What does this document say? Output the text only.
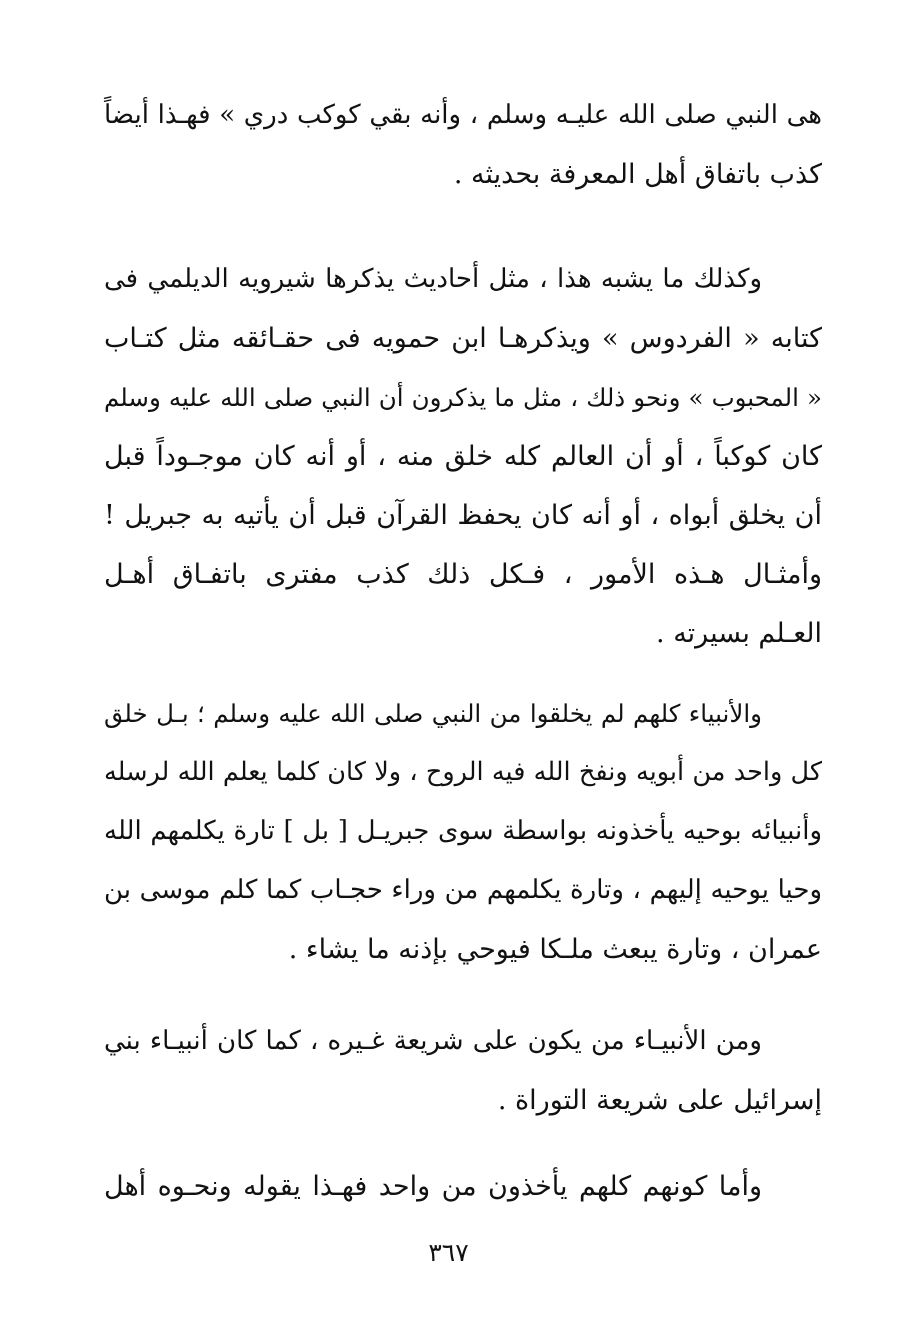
هى النبي صلى الله عليـه وسلم ، وأنه بقي كوكب دري » فهـذا أيضاً
كذب باتفاق أهل المعرفة بحديثه .
وكذلك ما يشبه هذا ، مثل أحاديث يذكرها شيرويه الديلمي فى
كتابه « الفردوس » ويذكرهـا ابن حمويه فى حقـائقه مثل كتـاب
« المحبوب » ونحو ذلك ، مثل ما يذكرون أن النبي صلى الله عليه وسلم
كان كوكباً ، أو أن العالم كله خلق منه ، أو أنه كان موجـوداً قبل
أن يخلق أبواه ، أو أنه كان يحفظ القرآن قبل أن يأتيه به جبريل !
وأمثـال هـذه الأمور ، فـكل ذلك كذب مفترى باتفـاق أهـل
العـلم بسيرته .
والأنبياء كلهم لم يخلقوا من النبي صلى الله عليه وسلم ؛ بـل خلق
كل واحد من أبويه ونفخ الله فيه الروح ، ولا كان كلما يعلم الله لرسله
وأنبيائه بوحيه يأخذونه بواسطة سوى جبريـل [ بل ] تارة يكلمهم الله
وحيا يوحيه إليهم ، وتارة يكلمهم من وراء حجـاب كما كلم موسى بن
عمران ، وتارة يبعث ملـكا فيوحي بإذنه ما يشاء .
ومن الأنبيـاء من يكون على شريعة غـيره ، كما كان أنبيـاء بني
إسرائيل على شريعة التوراة .
وأما كونهم كلهم يأخذون من واحد فهـذا يقوله ونحـوه أهل
٣٦٧
